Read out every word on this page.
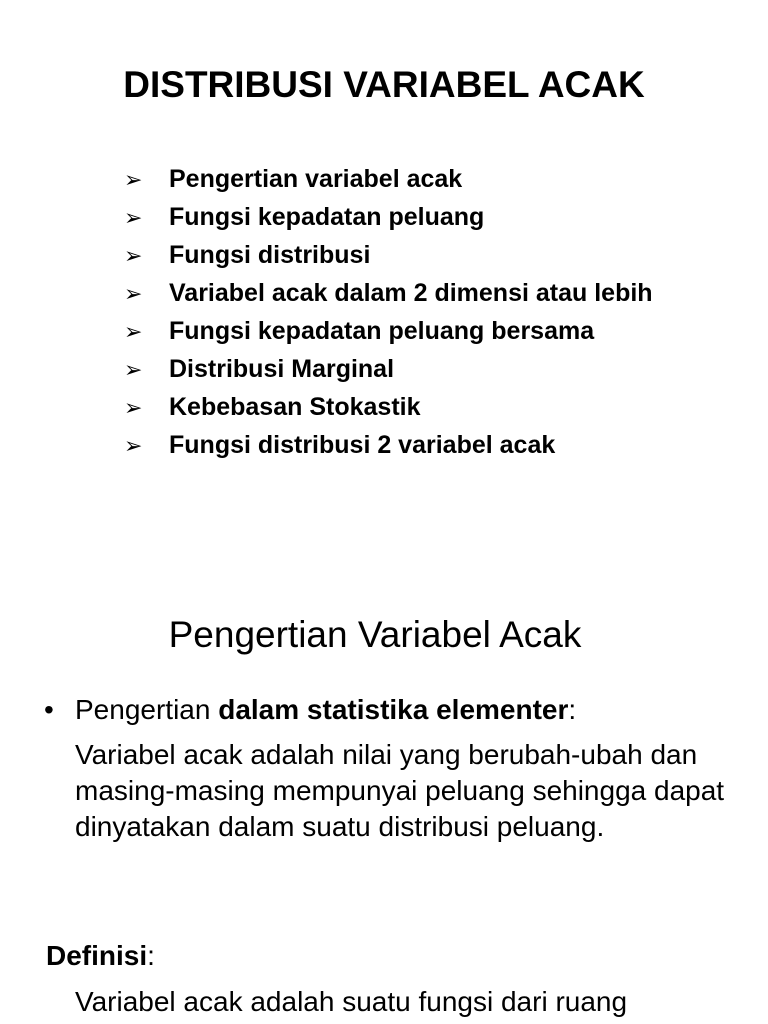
DISTRIBUSI VARIABEL ACAK
➢ Pengertian variabel acak
➢ Fungsi kepadatan peluang
➢ Fungsi distribusi
➢ Variabel acak dalam 2 dimensi atau lebih
➢ Fungsi kepadatan peluang bersama
➢ Distribusi Marginal
➢ Kebebasan Stokastik
➢ Fungsi distribusi 2 variabel acak
Pengertian Variabel Acak
• Pengertian dalam statistika elementer:

Variabel acak adalah nilai yang berubah-ubah dan masing-masing mempunyai peluang sehingga dapat dinyatakan dalam suatu distribusi peluang.

Definisi:

Variabel acak adalah suatu fungsi dari ruang
